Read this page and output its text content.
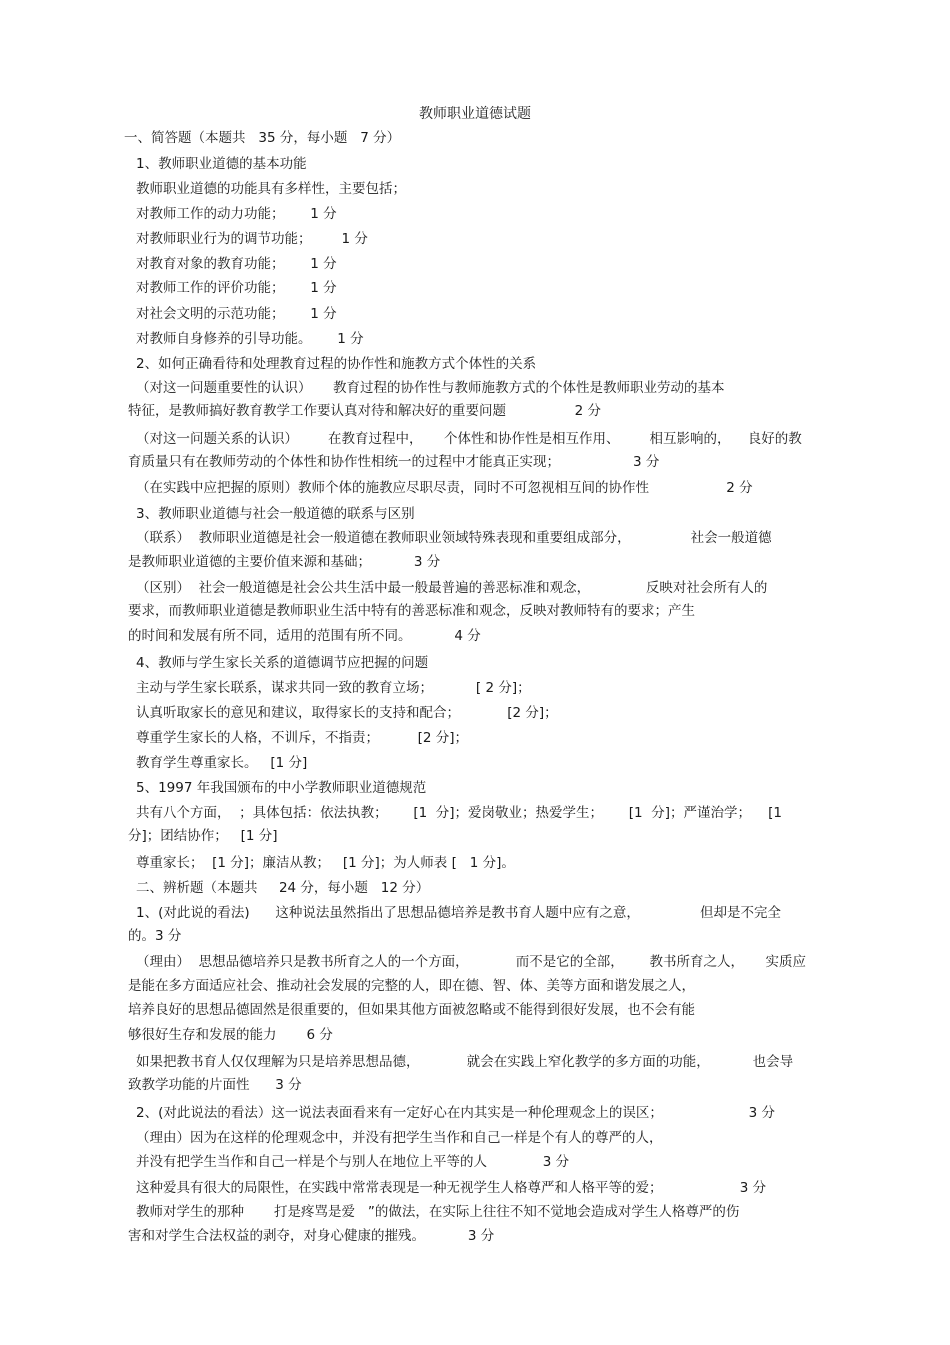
教师职业道德试题
一、简答题（本题共   35 分，每小题   7 分）
1、教师职业道德的基本功能
教师职业道德的功能具有多样性，主要包括；
对教师工作的动力功能；      1 分
对教师职业行为的调节功能；       1 分
对教育对象的教育功能；      1 分
对教师工作的评价功能；      1 分
对社会文明的示范功能；      1 分
对教师自身修养的引导功能。      1 分
2、如何正确看待和处理教育过程的协作性和施教方式个体性的关系
（对这一问题重要性的认识）     教育过程的协作性与教师施教方式的个体性是教师职业劳动的基本
特征，是教师搞好教育教学工作要认真对待和解决好的重要问题                2 分
（对这一问题关系的认识）       在教育过程中，     个体性和协作性是相互作用、       相互影响的，    良好的教
育质量只有在教师劳动的个体性和协作性相统一的过程中才能真正实现；                 3 分
（在实践中应把握的原则）教师个体的施教应尽职尽责，同时不可忽视相互间的协作性                  2 分
3、教师职业道德与社会一般道德的联系与区别
（联系）  教师职业道德是社会一般道德在教师职业领域特殊表现和重要组成部分，              社会一般道德
是教师职业道德的主要价值来源和基础；          3 分
（区别）  社会一般道德是社会公共生活中最一般最普遍的善恶标准和观念，             反映对社会所有人的
要求，而教师职业道德是教师职业生活中特有的善恶标准和观念，反映对教师特有的要求；产生
的时间和发展有所不同，适用的范围有所不同。          4 分
4、教师与学生家长关系的道德调节应把握的问题
主动与学生家长联系，谋求共同一致的教育立场；          [ 2 分]；
认真听取家长的意见和建议，取得家长的支持和配合；           [2 分]；
尊重学生家长的人格，不训斥，不指责；         [2 分]；
教育学生尊重家长。   [1 分]
5、1997 年我国颁布的中小学教师职业道德规范
共有八个方面，  ；具体包括：依法执教；      [1  分]；爱岗敬业；热爱学生；      [1  分]；严谨治学；    [1
分]；团结协作；   [1 分]
尊重家长；  [1 分]；廉洁从教；   [1 分]；为人师表 [   1 分]。
二、辨析题（本题共     24 分，每小题   12 分）
1、(对此说的看法)      这种说法虽然指出了思想品德培养是教书育人题中应有之意，              但却是不完全
的。3 分
（理由）  思想品德培养只是教书所育之人的一个方面，           而不是它的全部，      教书所育之人，     实质应
是能在多方面适应社会、推动社会发展的完整的人，即在德、智、体、美等方面和谐发展之人，
培养良好的思想品德固然是很重要的，但如果其他方面被忽略或不能得到很好发展，也不会有能
够很好生存和发展的能力       6 分
如果把教书育人仅仅理解为只是培养思想品德，           就会在实践上窄化教学的多方面的功能，          也会导
致教学功能的片面性      3 分
2、(对此说法的看法）这一说法表面看来有一定好心在内其实是一种伦理观念上的误区；                    3 分
（理由）因为在这样的伦理观念中，并没有把学生当作和自己一样是个有人的尊严的人，
并没有把学生当作和自己一样是个与别人在地位上平等的人             3 分
这种爱具有很大的局限性，在实践中常常表现是一种无视学生人格尊严和人格平等的爱；                  3 分
教师对学生的那种       打是疼骂是爱   ”的做法，在实际上往往不知不觉地会造成对学生人格尊严的伤
害和对学生合法权益的剥夺，对身心健康的摧残。          3 分
